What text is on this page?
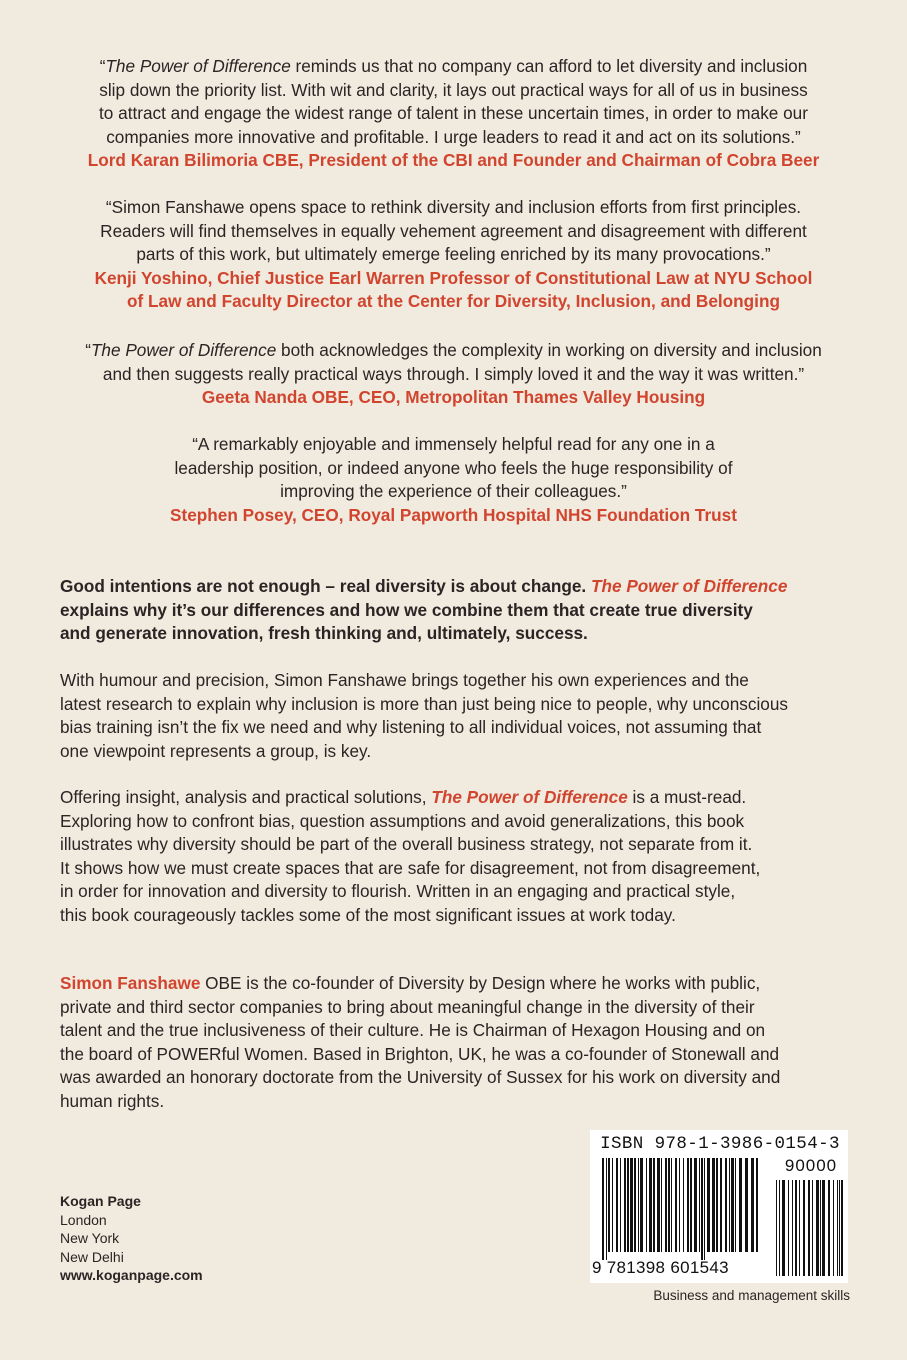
“The Power of Difference reminds us that no company can afford to let diversity and inclusion
slip down the priority list. With wit and clarity, it lays out practical ways for all of us in business
to attract and engage the widest range of talent in these uncertain times, in order to make our
companies more innovative and profitable. I urge leaders to read it and act on its solutions.”
Lord Karan Bilimoria CBE, President of the CBI and Founder and Chairman of Cobra Beer
“Simon Fanshawe opens space to rethink diversity and inclusion efforts from first principles.
Readers will find themselves in equally vehement agreement and disagreement with different
parts of this work, but ultimately emerge feeling enriched by its many provocations.”
Kenji Yoshino, Chief Justice Earl Warren Professor of Constitutional Law at NYU School
of Law and Faculty Director at the Center for Diversity, Inclusion, and Belonging
“The Power of Difference both acknowledges the complexity in working on diversity and inclusion
and then suggests really practical ways through. I simply loved it and the way it was written.”
Geeta Nanda OBE, CEO, Metropolitan Thames Valley Housing
“A remarkably enjoyable and immensely helpful read for any one in a
leadership position, or indeed anyone who feels the huge responsibility of
improving the experience of their colleagues.”
Stephen Posey, CEO, Royal Papworth Hospital NHS Foundation Trust
Good intentions are not enough – real diversity is about change. The Power of Difference
explains why it’s our differences and how we combine them that create true diversity
and generate innovation, fresh thinking and, ultimately, success.
With humour and precision, Simon Fanshawe brings together his own experiences and the
latest research to explain why inclusion is more than just being nice to people, why unconscious
bias training isn’t the fix we need and why listening to all individual voices, not assuming that
one viewpoint represents a group, is key.
Offering insight, analysis and practical solutions, The Power of Difference is a must-read.
Exploring how to confront bias, question assumptions and avoid generalizations, this book
illustrates why diversity should be part of the overall business strategy, not separate from it.
It shows how we must create spaces that are safe for disagreement, not from disagreement,
in order for innovation and diversity to flourish. Written in an engaging and practical style,
this book courageously tackles some of the most significant issues at work today.
Simon Fanshawe OBE is the co-founder of Diversity by Design where he works with public,
private and third sector companies to bring about meaningful change in the diversity of their
talent and the true inclusiveness of their culture. He is Chairman of Hexagon Housing and on
the board of POWERful Women. Based in Brighton, UK, he was a co-founder of Stonewall and
was awarded an honorary doctorate from the University of Sussex for his work on diversity and
human rights.
Kogan Page
London
New York
New Delhi
www.koganpage.com
ISBN 978-1-3986-0154-3
90000
9 781398 601543
Business and management skills
